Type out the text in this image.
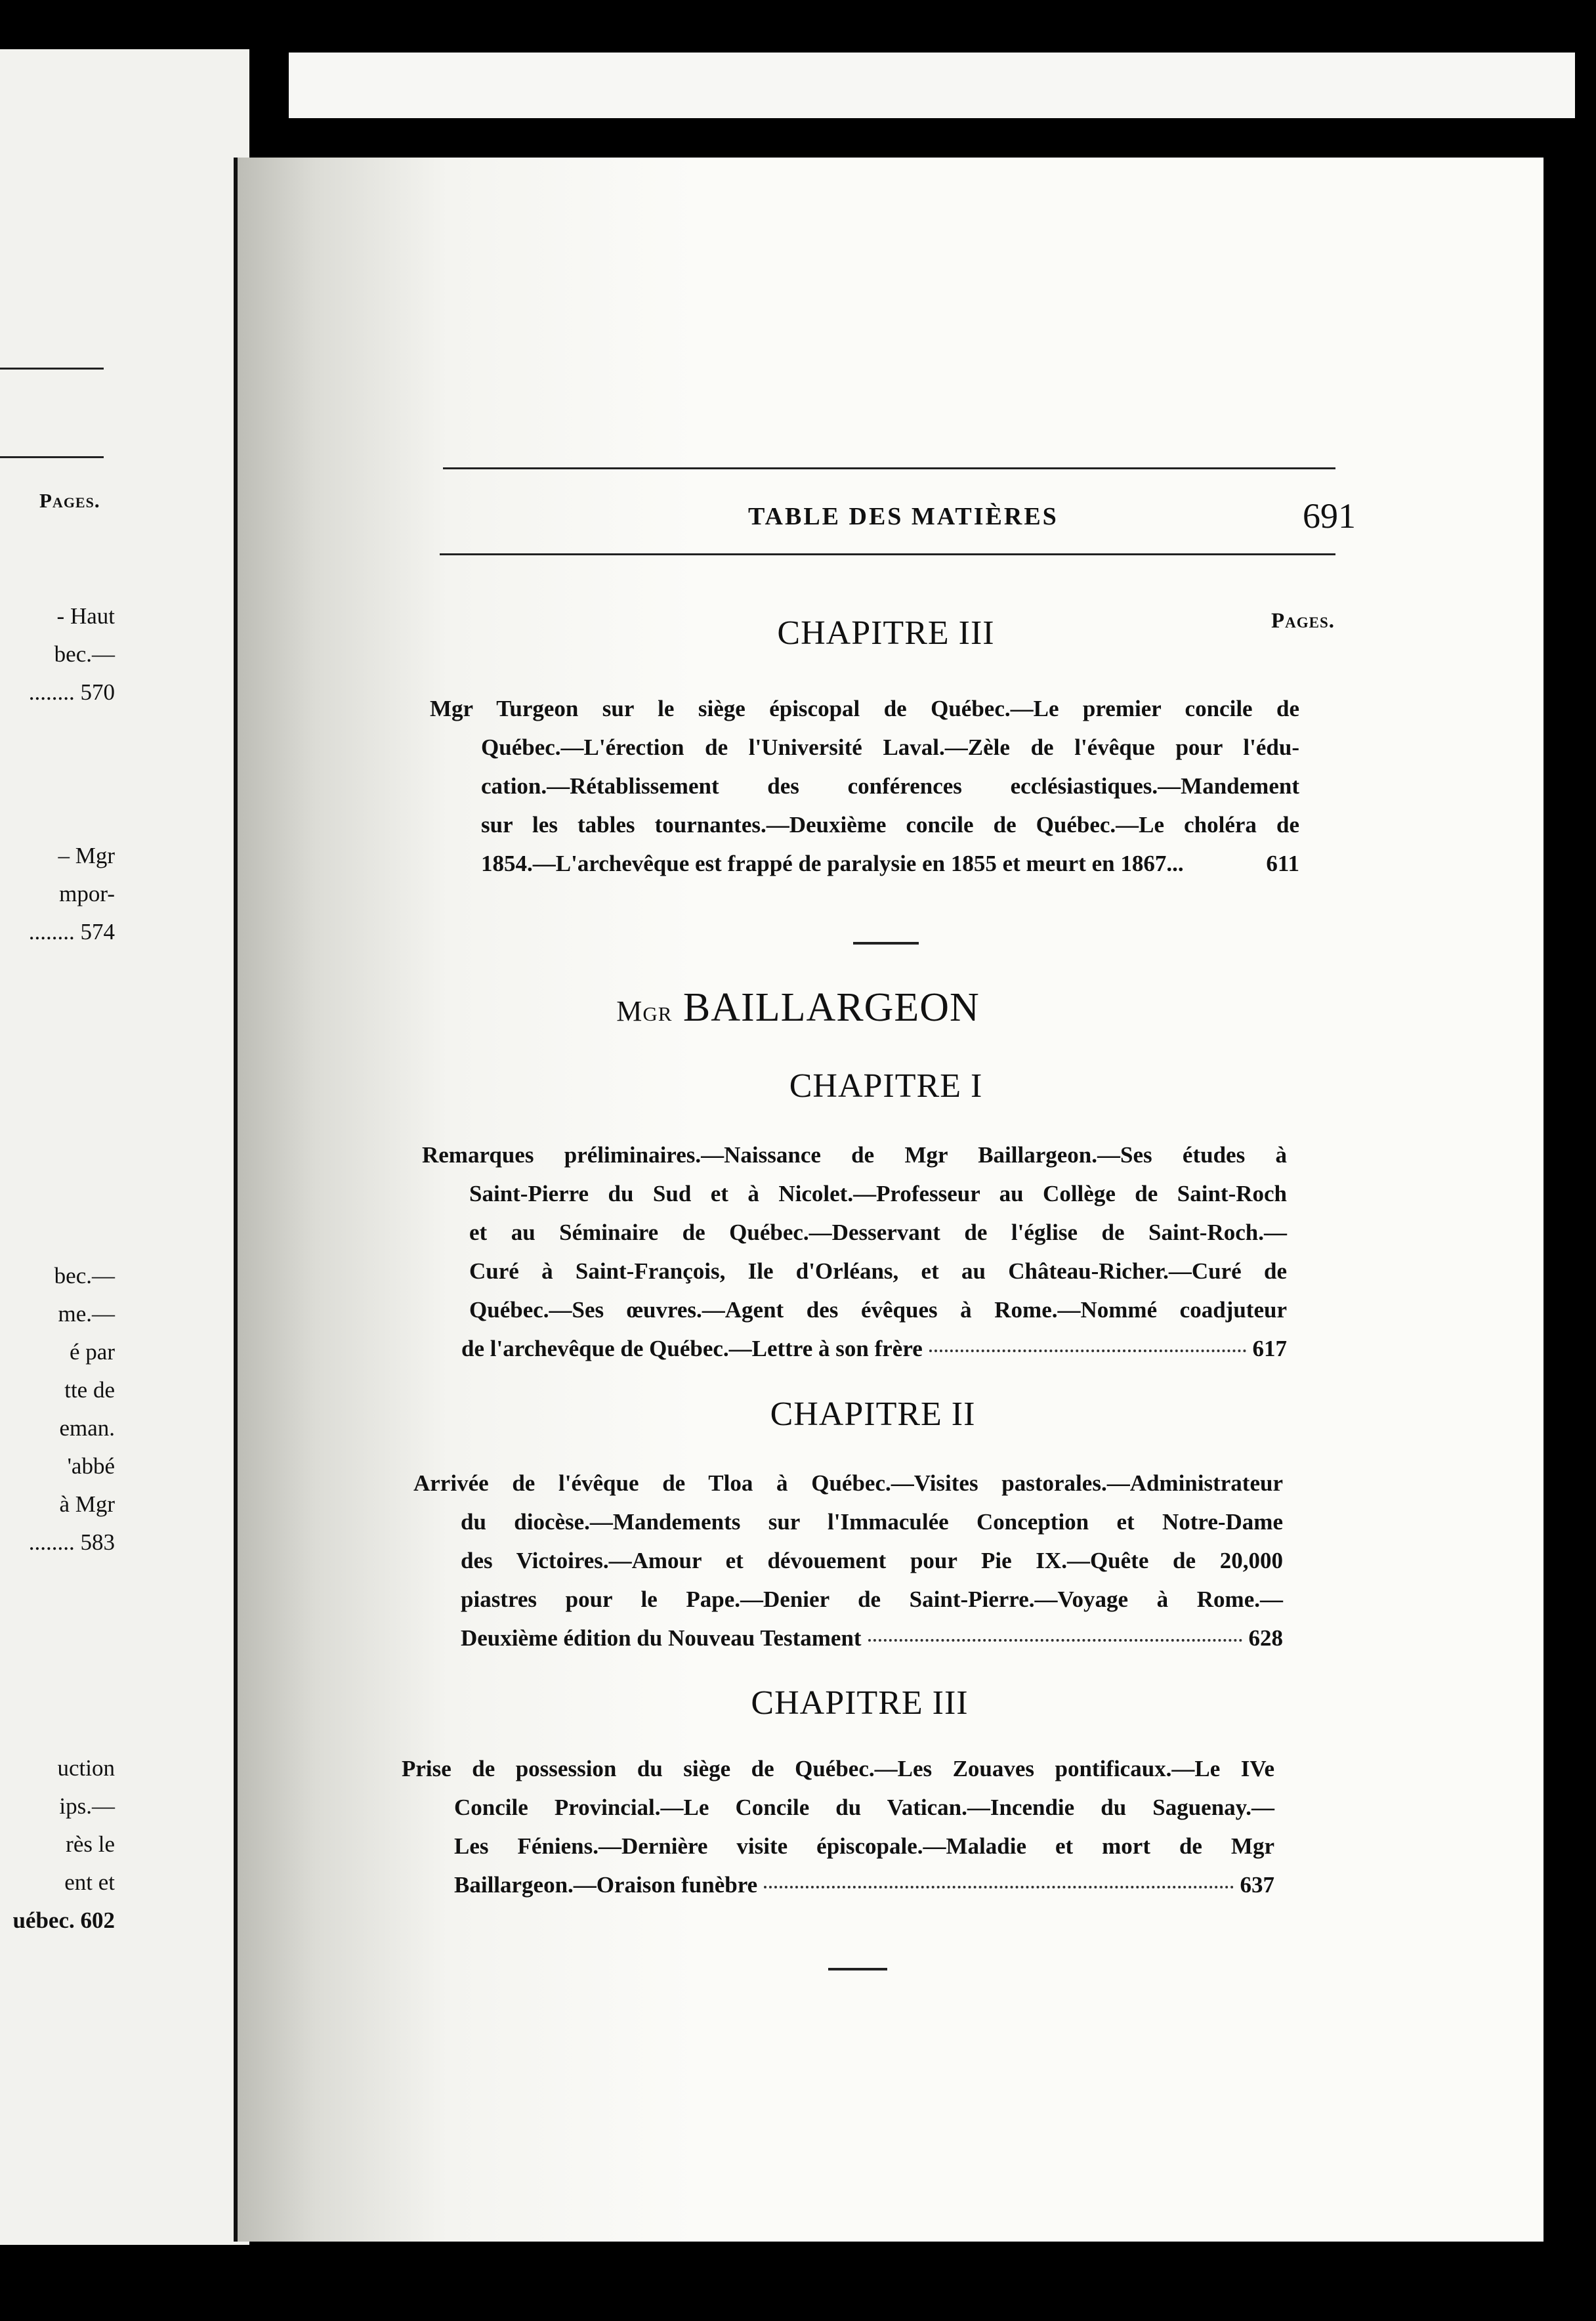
Pages.
- Haut
bec.—
........ 570
– Mgr
mpor-
........ 574
bec.—
me.—
é par
tte de
eman.
'abbé
à Mgr
........ 583
uction
ips.—
rès le
ent et
uébec. 602
TABLE DES MATIÈRES	691
Pages.
CHAPITRE III
Mgr Turgeon sur le siège épiscopal de Québec.—Le premier concile de
Québec.—L'érection de l'Université Laval.—Zèle de l'évêque pour l'édu-
cation.—Rétablissement des conférences ecclésiastiques.—Mandement
sur les tables tournantes.—Deuxième concile de Québec.—Le choléra de
1854.—L'archevêque est frappé de paralysie en 1855 et meurt en 1867...	611
Mgr BAILLARGEON
CHAPITRE I
Remarques préliminaires.—Naissance de Mgr Baillargeon.—Ses études à
Saint-Pierre du Sud et à Nicolet.—Professeur au Collège de Saint-Roch
et au Séminaire de Québec.—Desservant de l'église de Saint-Roch.—
Curé à Saint-François, Ile d'Orléans, et au Château-Richer.—Curé de
Québec.—Ses œuvres.—Agent des évêques à Rome.—Nommé coadjuteur
de l'archevêque de Québec.—Lettre à son frère	617
CHAPITRE II
Arrivée de l'évêque de Tloa à Québec.—Visites pastorales.—Administrateur
du diocèse.—Mandements sur l'Immaculée Conception et Notre-Dame
des Victoires.—Amour et dévouement pour Pie IX.—Quête de 20,000
piastres pour le Pape.—Denier de Saint-Pierre.—Voyage à Rome.—
Deuxième édition du Nouveau Testament	628
CHAPITRE III
Prise de possession du siège de Québec.—Les Zouaves pontificaux.—Le IVe
Concile Provincial.—Le Concile du Vatican.—Incendie du Saguenay.—
Les Féniens.—Dernière visite épiscopale.—Maladie et mort de Mgr
Baillargeon.—Oraison funèbre	637
